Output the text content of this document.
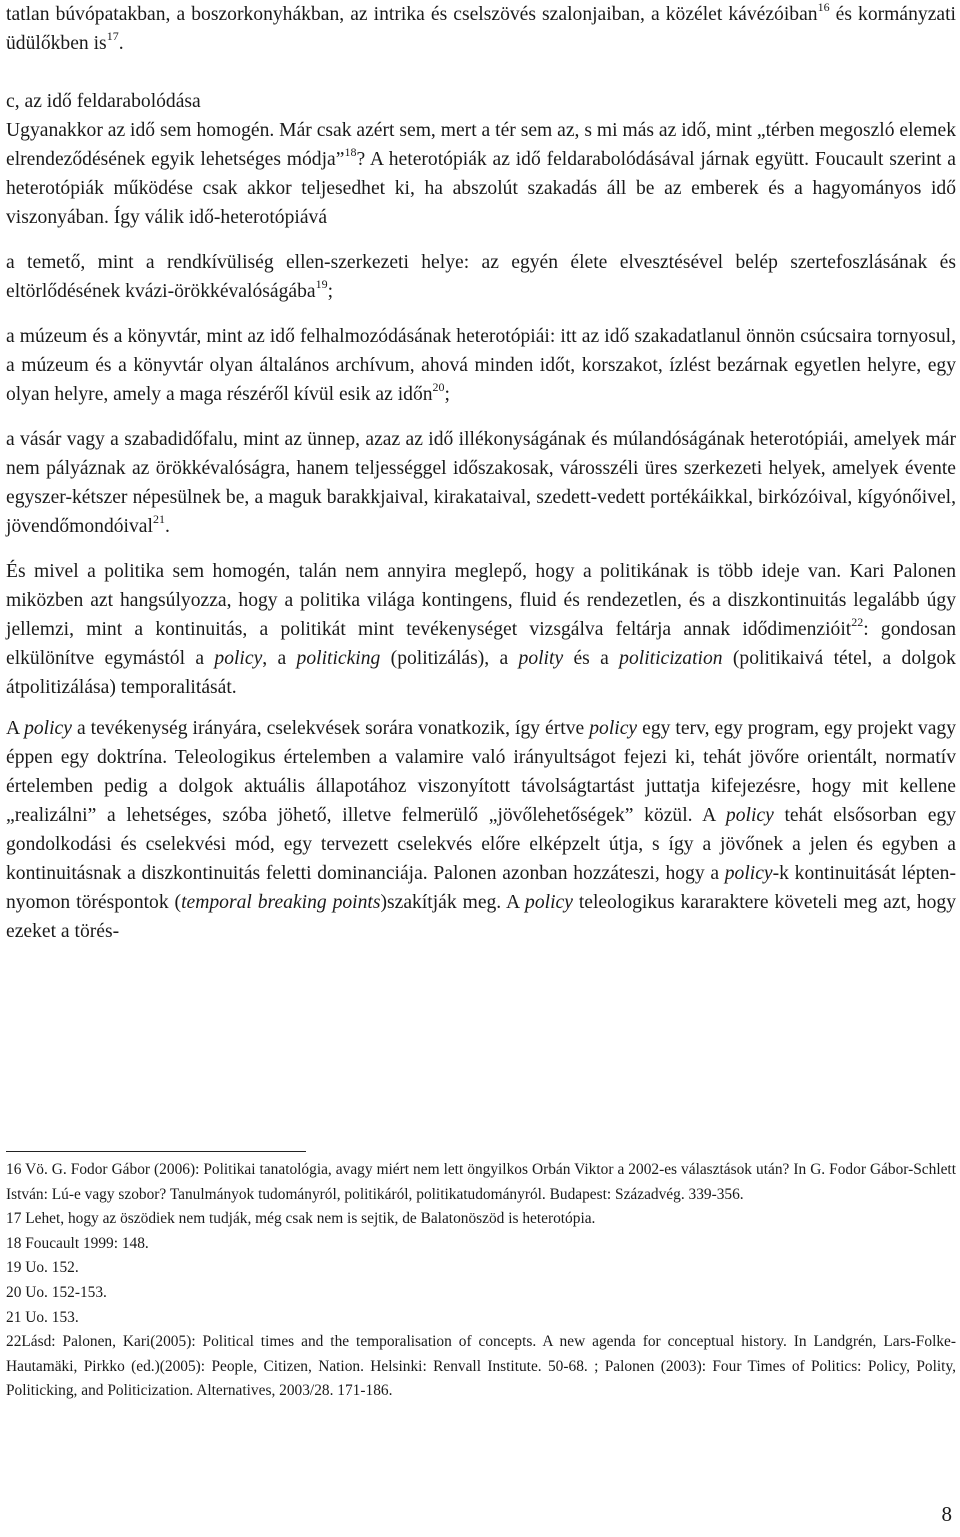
tatlan búvópatakban, a boszorkonyhákban, az intrika és cselszövés szalonjaiban, a közélet kávézóiban$^{16}$ és kormányzati üdülőkben $is^{17}$.

c, az idő feldarabolódása

Ugyanakkor az idő sem homogén. Már csak azért sem, mert a tér sem az, s mi más az idő, mint „térben megoszló elemek elrendeződésének egyik lehetséges módja”$^{18}$? A heterotópiák az idő feldarabolódásával járnak együtt. Foucault szerint a heterotópiák működése csak akkor teljesedhet ki, ha abszolút szakadás áll be az emberek és a hagyományos idő viszonyában. Így válik idő-heterotópiává

a temető, mint a rendkívüliség ellen-szerkezeti helye: az egyén élete elvesztésével belép szertefoszlásának és eltörlődésének kvázi-örökkévalóságába$^{19}$;

a múzeum és a könyvtár, mint az idő felhalmozódásának heterotópiái: itt az idő szakadatlanul önnön csúcsaira tornyosul, a múzeum és a könyvtár olyan általános archívum, ahová minden időt, korszakot, ízlést bezárnak egyetlen helyre, egy olyan helyre, amely a maga részéről kívül esik az időn$^{20}$;

a vásár vagy a szabadidőfalu, mint az ünnep, azaz az idő illékonyságának és múlandóságának heterotópiái, amelyek már nem pályáznak az örökkévalóságra, hanem teljességgel időszakosak, városszéli üres szerkezeti helyek, amelyek évente egyszer-kétszer népesülnek be, a maguk barakkjaival, kirakataival, szedett-vedett portékáikkal, birkózóival, kígyónőivel, jövendőmondóival$^{21}$.

És mivel a politika sem homogén, talán nem annyira meglepő, hogy a politikának is több ideje van. Kari Palonen miközben azt hangsúlyozza, hogy a politika világa kontingens, fluid és rendezetlen, és a diszkontinuitás legalább úgy jellemzi, mint a kontinuitás, a politikát mint tevékenységet vizsgálva feltárja annak idődimenzióit$^{22}$: gondosan elkülönítve egymástól a policy, a politicking (politizálás), a polity és a politicization (politikaivá tétel, a dolgok átpolitizálása) temporalitását.

A policy a tevékenység irányára, cselekvések sorára vonatkozik, így értve policy egy terv, egy program, egy projekt vagy éppen egy doktrína. Teleologikus értelemben a valamire való irányultságot fejezi ki, tehát jövőre orientált, normatív értelemben pedig a dolgok aktuális állapotához viszonyított távolságtartást juttatja kifejezésre, hogy mit kellene „realizálni” a lehetséges, szóba jöhető, illetve felmerülő „jövőlehetőségek” közül. A policy tehát elsősorban egy gondolkodási és cselekvési mód, egy tervezett cselekvés előre elképzelt útja, s így a jövőnek a jelen és egyben a kontinuitásnak a diszkontinuitás feletti dominanciája. Palonen azonban hozzáteszi, hogy a policy-k kontinuitását lépten-nyomon töréspontok (temporal breaking points)szakítják meg. A policy teleologikus kararaktere követeli meg azt, hogy ezeket a törés-

16 Vö. G. Fodor Gábor (2006): Politikai tanatológia, avagy miért nem lett öngyilkos Orbán Viktor a 2002-es választások után? In G. Fodor Gábor-Schlett István: Lú-e vagy szobor? Tanulmányok tudományról, politikáról, politikatudományról. Budapest: Századvég. 339-356.

17 Lehet, hogy az öszödiek nem tudják, még csak nem is sejtik, de Balatonöszöd is heterotópia.

18 Foucault 1999: 148.

19 Uo. 152.

20 Uo. 152-153.

21 Uo. 153.

22Lásd: Palonen, Kari(2005): Political times and the temporalisation of concepts. A new agenda for conceptual history. In Landgrén, Lars-Folke-Hautamäki, Pirkko (ed.)(2005): People, Citizen, Nation. Helsinki: Renvall Institute. 50-68. ; Palonen (2003): Four Times of Politics: Policy, Polity, Politicking, and Politicization. Alternatives, 2003/28. 171-186.

8
